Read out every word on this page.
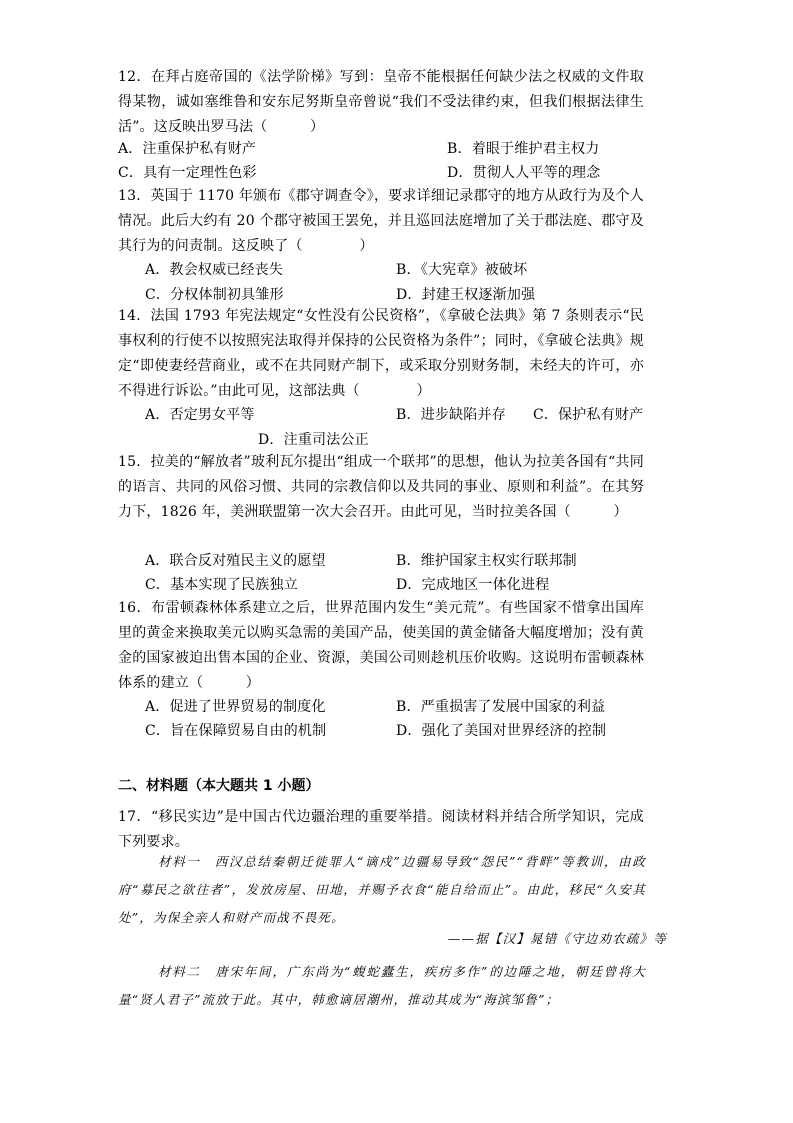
12．在拜占庭帝国的《法学阶梯》写到：皇帝不能根据任何缺少法之权威的文件取得某物，诚如塞维鲁和安东尼努斯皇帝曾说“我们不受法律约束，但我们根据法律生活”。这反映出罗马法（　　　）

A．注重保护私有财产	B．着眼于维护君主权力
C．具有一定理性色彩	D．贯彻人人平等的理念

13．英国于 1170 年颁布《郡守调查令》，要求详细记录郡守的地方从政行为及个人情况。此后大约有 20 个郡守被国王罢免，并且巡回法庭增加了关于郡法庭、郡守及其行为的问责制。这反映了（　　　　）

A．教会权威已经丧失	B．《大宪章》被破坏
C．分权体制初具雏形	D．封建王权逐渐加强

14．法国 1793 年宪法规定“女性没有公民资格”，《拿破仑法典》第 7 条则表示“民事权利的行使不以按照宪法取得并保持的公民资格为条件”；同时，《拿破仑法典》规定“即使妻经营商业，或不在共同财产制下，或采取分别财务制，未经夫的许可，亦不得进行诉讼。”由此可见，这部法典（　　　　）

A．否定男女平等	B．进步缺陷并存 C．保护私有财产
D．注重司法公正

15．拉美的“解放者”玻利瓦尔提出“组成一个联邦”的思想，他认为拉美各国有“共同的语言、共同的风俗习惯、共同的宗教信仰以及共同的事业、原则和利益”。在其努力下，1826 年，美洲联盟第一次大会召开。由此可见，当时拉美各国（　　　）

A．联合反对殖民主义的愿望	B．维护国家主权实行联邦制
C．基本实现了民族独立	D．完成地区一体化进程

16．布雷顿森林体系建立之后，世界范围内发生“美元荒”。有些国家不惜拿出国库里的黄金来换取美元以购买急需的美国产品，使美国的黄金储备大幅度增加；没有黄金的国家被迫出售本国的企业、资源，美国公司则趁机压价收购。这说明布雷顿森林体系的建立（　　　）

A．促进了世界贸易的制度化	B．严重损害了发展中国家的利益
C．旨在保障贸易自由的机制	D．强化了美国对世界经济的控制
二、材料题（本大题共 1 小题）

17．“移民实边”是中国古代边疆治理的重要举措。阅读材料并结合所学知识，完成下列要求。

材料一　西汉总结秦朝迁徙罪人“谪戍”边疆易导致“怨民”“背畔”等教训，由政府“募民之欲往者”，发放房屋、田地，并赐予衣食“能自给而止”。由此，移民“久安其处”，为保全亲人和财产而战不畏死。

——据【汉】晁错《守边劝农疏》等

材料二　唐宋年间，广东尚为“蝮蛇蠹生，疾疠多作”的边陲之地，朝廷曾将大量“贤人君子”流放于此。其中，韩愈谪居潮州，推动其成为“海滨邹鲁”；
